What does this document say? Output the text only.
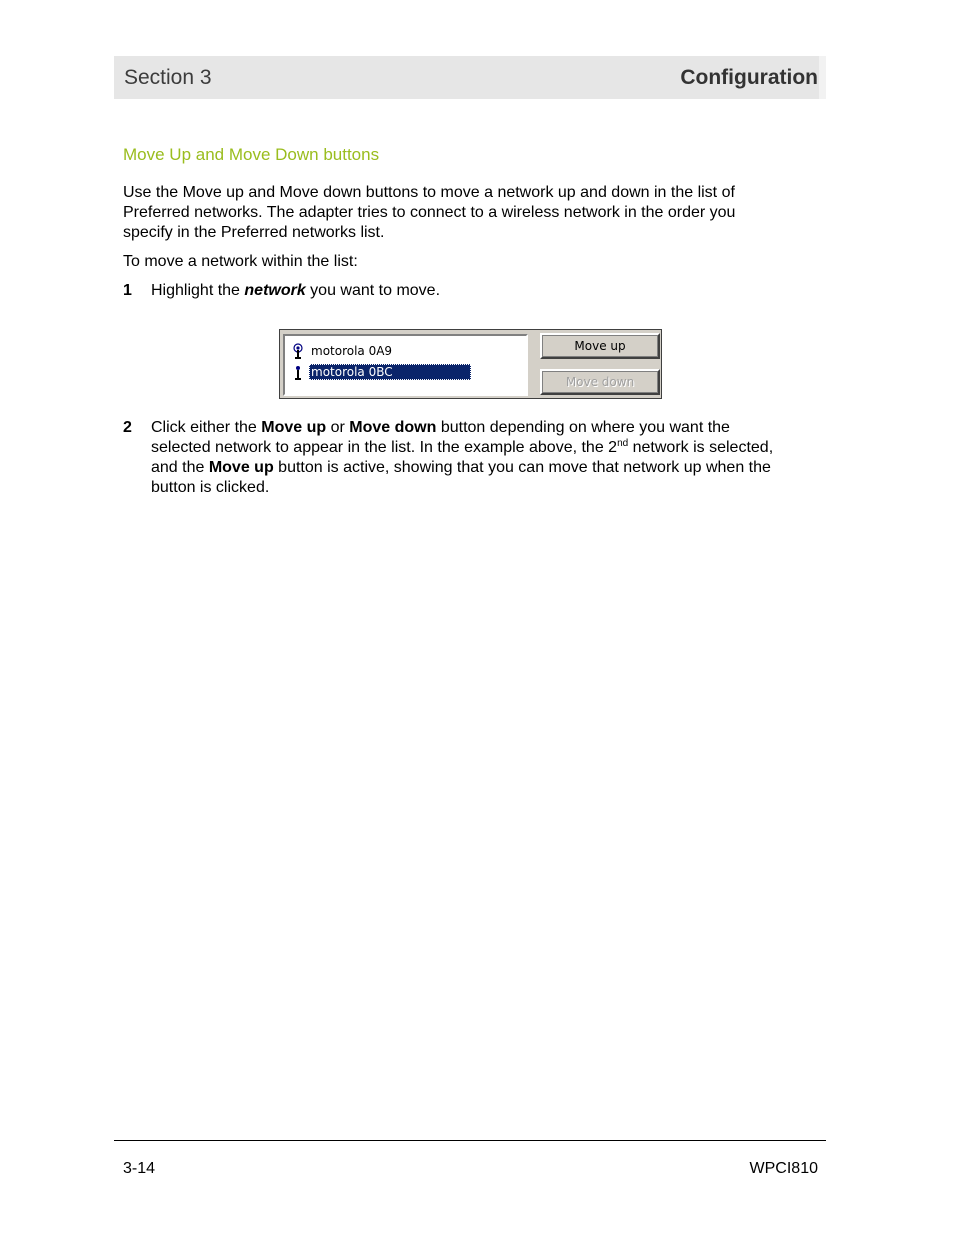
Section 3	Configuration
Move Up and Move Down buttons
Use the Move up and Move down buttons to move a network up and down in the list of
Preferred networks. The adapter tries to connect to a wireless network in the order you
specify in the Preferred networks list.
To move a network within the list:
1 Highlight the network you want to move.
motorola 0A9
motorola 0BC
Move up
Move down
2 Click either the Move up or Move down button depending on where you want the
selected network to appear in the list. In the example above, the 2nd network is selected,
and the Move up button is active, showing that you can move that network up when the
button is clicked.
3-14	WPCI810
